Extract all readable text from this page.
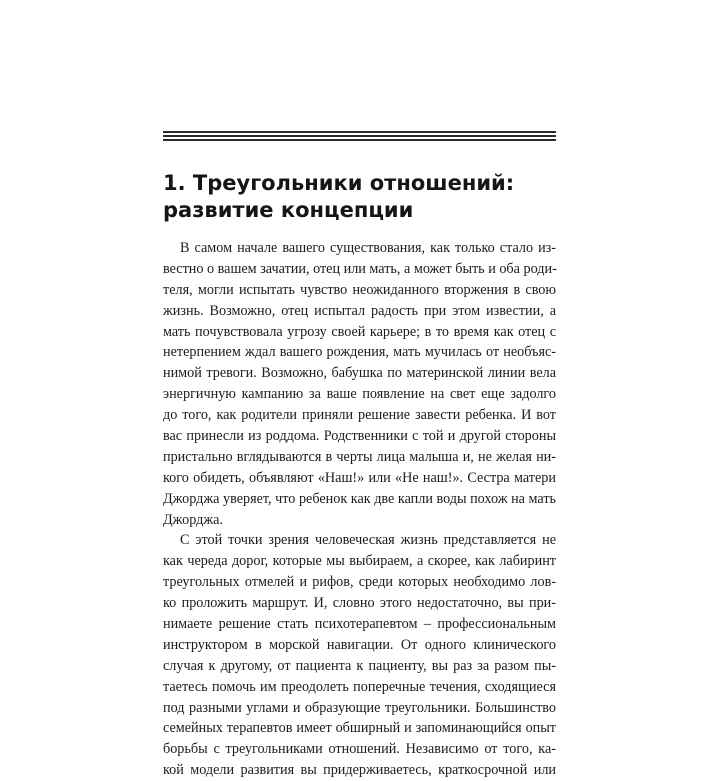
1. Треугольники отношений:
развитие концепции
В самом начале вашего существования, как только стало из-
вестно о вашем зачатии, отец или мать, а может быть и оба роди-
теля, могли испытать чувство неожиданного вторжения в свою
жизнь. Возможно, отец испытал радость при этом известии, а
мать почувствовала угрозу своей карьере; в то время как отец с
нетерпением ждал вашего рождения, мать мучилась от необъяс-
нимой тревоги. Возможно, бабушка по материнской линии вела
энергичную кампанию за ваше появление на свет еще задолго
до того, как родители приняли решение завести ребенка. И вот
вас принесли из роддома. Родственники с той и другой стороны
пристально вглядываются в черты лица малыша и, не желая ни-
кого обидеть, объявляют «Наш!» или «Не наш!». Сестра матери
Джорджа уверяет, что ребенок как две капли воды похож на мать
Джорджа.
С этой точки зрения человеческая жизнь представляется не
как череда дорог, которые мы выбираем, а скорее, как лабиринт
треугольных отмелей и рифов, среди которых необходимо лов-
ко проложить маршрут. И, словно этого недостаточно, вы при-
нимаете решение стать психотерапевтом – профессиональным
инструктором в морской навигации. От одного клинического
случая к другому, от пациента к пациенту, вы раз за разом пы-
таетесь помочь им преодолеть поперечные течения, сходящиеся
под разными углами и образующие треугольники. Большинство
семейных терапевтов имеет обширный и запоминающийся опыт
борьбы с треугольниками отношений. Независимо от того, ка-
кой модели развития вы придерживаетесь, краткосрочной или
